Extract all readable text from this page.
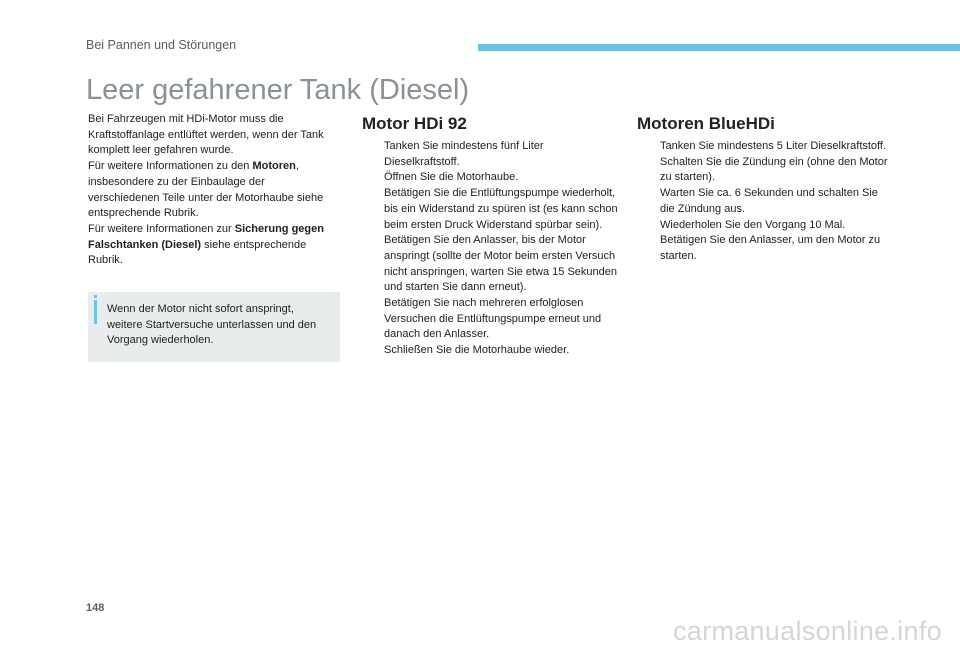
Bei Pannen und Störungen
Leer gefahrener Tank (Diesel)

Bei Fahrzeugen mit HDi-Motor muss die Kraftstoffanlage entlüftet werden, wenn der Tank komplett leer gefahren wurde.

Für weitere Informationen zu den Motoren, insbesondere zu der Einbaulage der verschiedenen Teile unter der Motorhaube siehe entsprechende Rubrik.

Für weitere Informationen zur Sicherung gegen Falschtanken (Diesel) siehe entsprechende Rubrik.

Wenn der Motor nicht sofort anspringt, weitere Startversuche unterlassen und den Vorgang wiederholen.
Motor HDi 92
Tanken Sie mindestens fünf Liter Dieselkraftstoff.
Öffnen Sie die Motorhaube.
Betätigen Sie die Entlüftungspumpe wiederholt, bis ein Widerstand zu spüren ist (es kann schon beim ersten Druck Widerstand spürbar sein).
Betätigen Sie den Anlasser, bis der Motor anspringt (sollte der Motor beim ersten Versuch nicht anspringen, warten Sie etwa 15 Sekunden und starten Sie dann erneut).
Betätigen Sie nach mehreren erfolglosen Versuchen die Entlüftungspumpe erneut und danach den Anlasser.
Schließen Sie die Motorhaube wieder.
Motoren BlueHDi
Tanken Sie mindestens 5 Liter Dieselkraftstoff.
Schalten Sie die Zündung ein (ohne den Motor zu starten).
Warten Sie ca. 6 Sekunden und schalten Sie die Zündung aus.
Wiederholen Sie den Vorgang 10 Mal.
Betätigen Sie den Anlasser, um den Motor zu starten.
148
carmanualsonline.info
